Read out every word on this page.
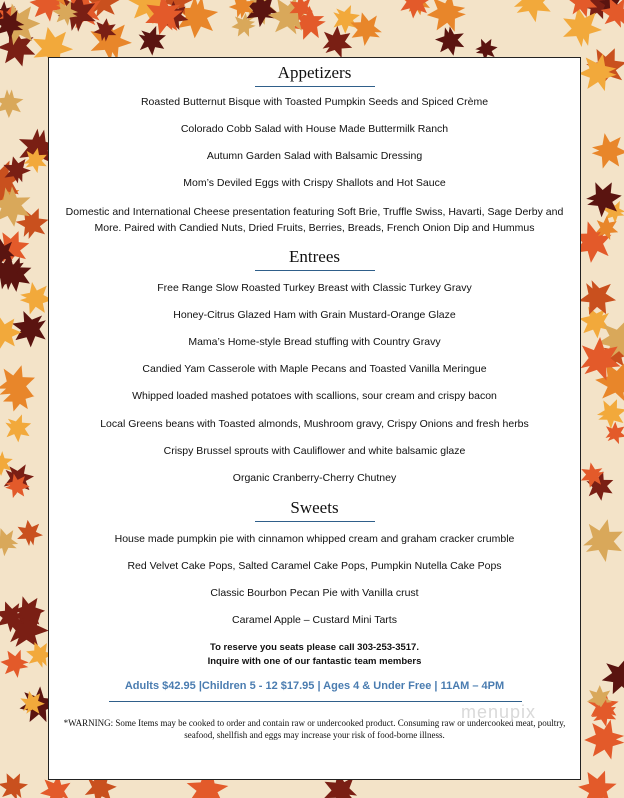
Appetizers
Roasted Butternut Bisque with Toasted Pumpkin Seeds and Spiced Crème
Colorado Cobb Salad with House Made Buttermilk Ranch
Autumn Garden Salad with Balsamic Dressing
Mom’s Deviled Eggs with Crispy Shallots and Hot Sauce
Domestic and International Cheese presentation featuring Soft Brie, Truffle Swiss, Havarti, Sage Derby and More. Paired with Candied Nuts, Dried Fruits, Berries, Breads, French Onion Dip and Hummus
Entrees
Free Range Slow Roasted Turkey Breast with Classic Turkey Gravy
Honey-Citrus Glazed Ham with Grain Mustard-Orange Glaze
Mama’s Home-style Bread stuffing with Country Gravy
Candied Yam Casserole with Maple Pecans and Toasted Vanilla Meringue
Whipped loaded mashed potatoes with scallions, sour cream and crispy bacon
Local Greens beans with Toasted almonds, Mushroom gravy, Crispy Onions and fresh herbs
Crispy Brussel sprouts with Cauliflower and white balsamic glaze
Organic Cranberry-Cherry Chutney
Sweets
House made pumpkin pie with cinnamon whipped cream and graham cracker crumble
Red Velvet Cake Pops, Salted Caramel Cake Pops, Pumpkin Nutella Cake Pops
Classic Bourbon Pecan Pie with Vanilla crust
Caramel Apple – Custard Mini Tarts
To reserve you seats please call 303-253-3517.
Inquire with one of our fantastic team members
Adults $42.95 |Children 5 - 12 $17.95 | Ages 4 & Under Free | 11AM – 4PM
*WARNING: Some Items may be cooked to order and contain raw or undercooked product. Consuming raw or undercooked meat, poultry, seafood, shellfish and eggs may increase your risk of food-borne illness.
menupix
